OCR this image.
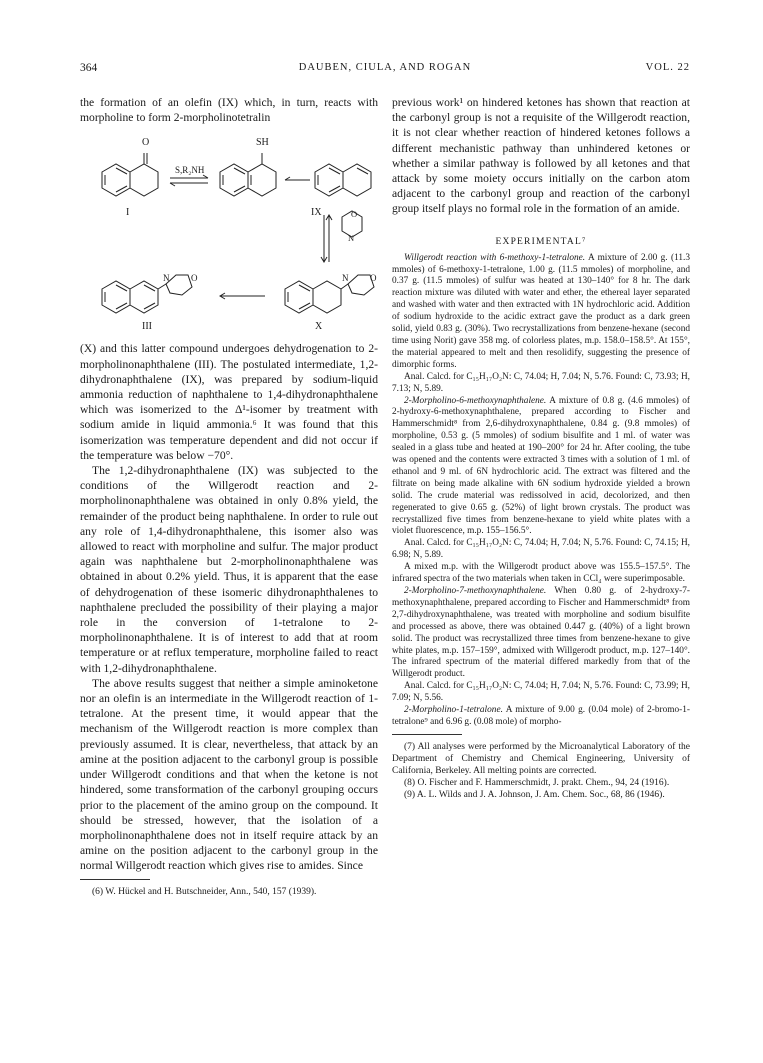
364	DAUBEN, CIULA, AND ROGAN	VOL. 22

the formation of an olefin (IX) which, in turn, reacts with morpholine to form 2-morpholinotetralin

O	SH
S,R₂NH
I	IX	O
N
N O
N O
III	X

(X) and this latter compound undergoes dehydrogenation to 2-morpholinonaphthalene (III). The postulated intermediate, 1,2-dihydronaphthalene (IX), was prepared by sodium-liquid ammonia reduction of naphthalene to 1,4-dihydronaphthalene which was isomerized to the Δ¹-isomer by treatment with sodium amide in liquid ammonia.⁶ It was found that this isomerization was temperature dependent and did not occur if the temperature was below −70°.

The 1,2-dihydronaphthalene (IX) was subjected to the conditions of the Willgerodt reaction and 2-morpholinonaphthalene was obtained in only 0.8% yield, the remainder of the product being naphthalene. In order to rule out any role of 1,4-dihydronaphthalene, this isomer also was allowed to react with morpholine and sulfur. The major product again was naphthalene but 2-morpholinonaphthalene was obtained in about 0.2% yield. Thus, it is apparent that the ease of dehydrogenation of these isomeric dihydronaphthalenes to naphthalene precluded the possibility of their playing a major role in the conversion of 1-tetralone to 2-morpholinonaphthalene. It is of interest to add that at room temperature or at reflux temperature, morpholine failed to react with 1,2-dihydronaphthalene.

The above results suggest that neither a simple aminoketone nor an olefin is an intermediate in the Willgerodt reaction of 1-tetralone. At the present time, it would appear that the mechanism of the Willgerodt reaction is more complex than previously assumed. It is clear, nevertheless, that attack by an amine at the position adjacent to the carbonyl group is possible under Willgerodt conditions and that when the ketone is not hindered, some transformation of the carbonyl grouping occurs prior to the placement of the amino group on the compound. It should be stressed, however, that the isolation of a morpholinonaphthalene does not in itself require attack by an amine on the position adjacent to the carbonyl group in the normal Willgerodt reaction which gives rise to amides. Since

(6) W. Hückel and H. Butschneider, Ann., 540, 157 (1939).

previous work¹ on hindered ketones has shown that reaction at the carbonyl group is not a requisite of the Willgerodt reaction, it is not clear whether reaction of hindered ketones follows a different mechanistic pathway than unhindered ketones or whether a similar pathway is followed by all ketones and that attack by some moiety occurs initially on the carbon atom adjacent to the carbonyl group and reaction of the carbonyl group itself plays no formal role in the formation of an amide.

EXPERIMENTAL⁷

Willgerodt reaction with 6-methoxy-1-tetralone. A mixture of 2.00 g. (11.3 mmoles) of 6-methoxy-1-tetralone, 1.00 g. (11.5 mmoles) of morpholine, and 0.37 g. (11.5 mmoles) of sulfur was heated at 130–140° for 8 hr. The dark reaction mixture was diluted with water and ether, the ethereal layer separated and washed with water and then extracted with 1N hydrochloric acid. Addition of sodium hydroxide to the acidic extract gave the product as a dark green solid, yield 0.83 g. (30%). Two recrystallizations from benzene-hexane (second time using Norit) gave 358 mg. of colorless plates, m.p. 158.0–158.5°. At 155°, the material appeared to melt and then resolidify, suggesting the presence of dimorphic forms.

Anal. Calcd. for C₁₅H₁₇O₂N: C, 74.04; H, 7.04; N, 5.76. Found: C, 73.93; H, 7.13; N, 5.89.

2-Morpholino-6-methoxynaphthalene. A mixture of 0.8 g. (4.6 mmoles) of 2-hydroxy-6-methoxynaphthalene, prepared according to Fischer and Hammerschmidt⁸ from 2,6-dihydroxynaphthalene, 0.84 g. (9.8 mmoles) of morpholine, 0.53 g. (5 mmoles) of sodium bisulfite and 1 ml. of water was sealed in a glass tube and heated at 190–200° for 24 hr. After cooling, the tube was opened and the contents were extracted 3 times with a solution of 1 ml. of ethanol and 9 ml. of 6N hydrochloric acid. The extract was filtered and the filtrate on being made alkaline with 6N sodium hydroxide yielded a brown solid. The crude material was redissolved in acid, decolorized, and then regenerated to give 0.65 g. (52%) of light brown crystals. The product was recrystallized five times from benzene-hexane to yield white plates with a violet fluorescence, m.p. 155–156.5°.

Anal. Calcd. for C₁₅H₁₇O₂N: C, 74.04; H, 7.04; N, 5.76. Found: C, 74.15; H, 6.98; N, 5.89.

A mixed m.p. with the Willgerodt product above was 155.5–157.5°. The infrared spectra of the two materials when taken in CCl₄ were superimposable.

2-Morpholino-7-methoxynaphthalene. When 0.80 g. of 2-hydroxy-7-methoxynaphthalene, prepared according to Fischer and Hammerschmidt⁸ from 2,7-dihydroxynaphthalene, was treated with morpholine and sodium bisulfite and processed as above, there was obtained 0.447 g. (40%) of a light brown solid. The product was recrystallized three times from benzene-hexane to give white plates, m.p. 157–159°, admixed with Willgerodt product, m.p. 127–140°. The infrared spectrum of the material differed markedly from that of the Willgerodt product.

Anal. Calcd. for C₁₅H₁₇O₂N: C, 74.04; H, 7.04; N, 5.76. Found: C, 73.99; H, 7.09; N, 5.56.

2-Morpholino-1-tetralone. A mixture of 9.00 g. (0.04 mole) of 2-bromo-1-tetralone⁹ and 6.96 g. (0.08 mole) of morpho-

(7) All analyses were performed by the Microanalytical Laboratory of the Department of Chemistry and Chemical Engineering, University of California, Berkeley. All melting points are corrected.

(8) O. Fischer and F. Hammerschmidt, J. prakt. Chem., 94, 24 (1916).

(9) A. L. Wilds and J. A. Johnson, J. Am. Chem. Soc., 68, 86 (1946).
